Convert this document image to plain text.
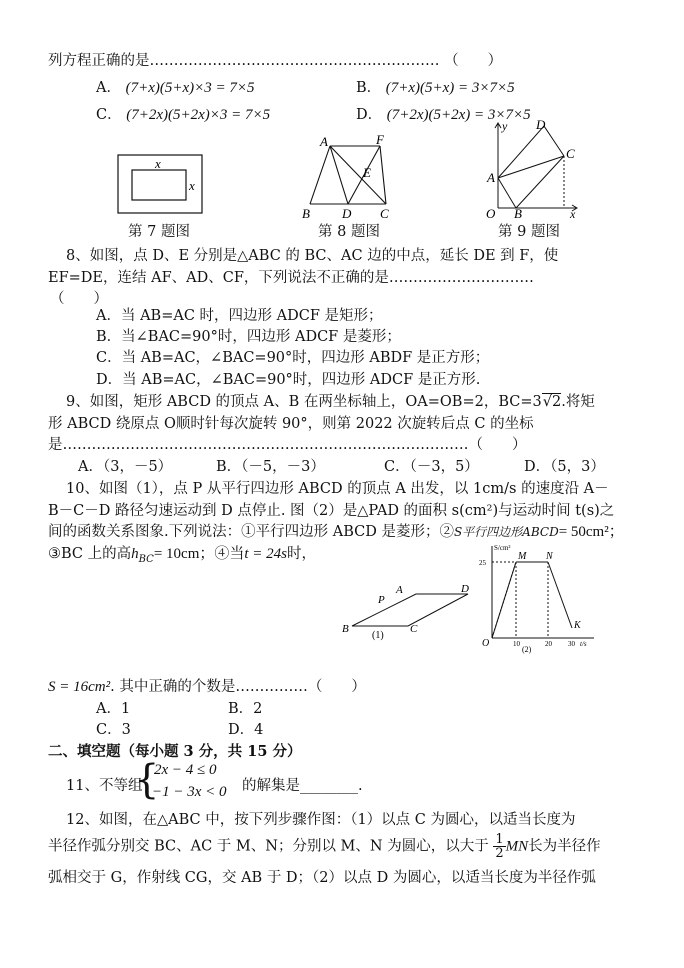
列方程正确的是…………………………………………………… （　　）
A． (7+x)(5+x)×3 = 7×5	B． (7+x)(5+x) = 3×7×5
C． (7+2x)(5+2x)×3 = 7×5	D． (7+2x)(5+2x) = 3×7×5
x
x
第 7 题图
A	F
E
B D C
第 8 题图
y D
C
A
O B	x
第 9 题图
8、如图，点 D、E 分别是△ABC 的 BC、AC 边的中点，延长 DE 到 F，使
EF=DE，连结 AF、AD、CF，下列说法不正确的是…………………………
（　　）
A．当 AB=AC 时，四边形 ADCF 是矩形；
B．当∠BAC=90°时，四边形 ADCF 是菱形；
C．当 AB=AC，∠BAC=90°时，四边形 ABDF 是正方形；
D．当 AB=AC，∠BAC=90°时，四边形 ADCF 是正方形.
9、如图，矩形 ABCD 的顶点 A、B 在两坐标轴上，OA=OB=2，BC=3√2.将矩
形 ABCD 绕原点 O顺时针每次旋转 90°，则第 2022 次旋转后点 C 的坐标
是…………………………………………………………………………（　　）
A．（3，－5）	B．（－5，－3）	C．（－3，5）	D．（5，3）
10、如图（1），点 P 从平行四边形 ABCD 的顶点 A 出发，以 1cm/s 的速度沿 A－
B－C－D 路径匀速运动到 D 点停止. 图（2）是△PAD 的面积 s(cm²)与运动时间 t(s)之
间的函数关系图象.下列说法：①平行四边形 ABCD 是菱形；②S平行四边形ABCD= 50cm²；
③BC 上的高$h_{BC}= 10cm$；④当t = 24s时，
A
P
D
B	C
(1)
S/cm²
25
M N
O	10	20 30 t/s
K
(2)
S = 16cm². 其中正确的个数是……………（　　）
A．1	B．2
C．3	D．4
二、填空题（每小题 3 分，共 15 分）
11、不等组
{
2x − 4 ≤ 0
−1 − 3x < 0 的解集是________.
12、如图，在△ABC 中，按下列步骤作图：（1）以点 C 为圆心，以适当长度为
半径作弧分别交 BC、AC 于 M、N；分别以 M、N 为圆心，以大于 $\frac{1}{2}$ MN长为半径作
弧相交于 G，作射线 CG，交 AB 于 D；（2）以点 D 为圆心，以适当长度为半径作弧
